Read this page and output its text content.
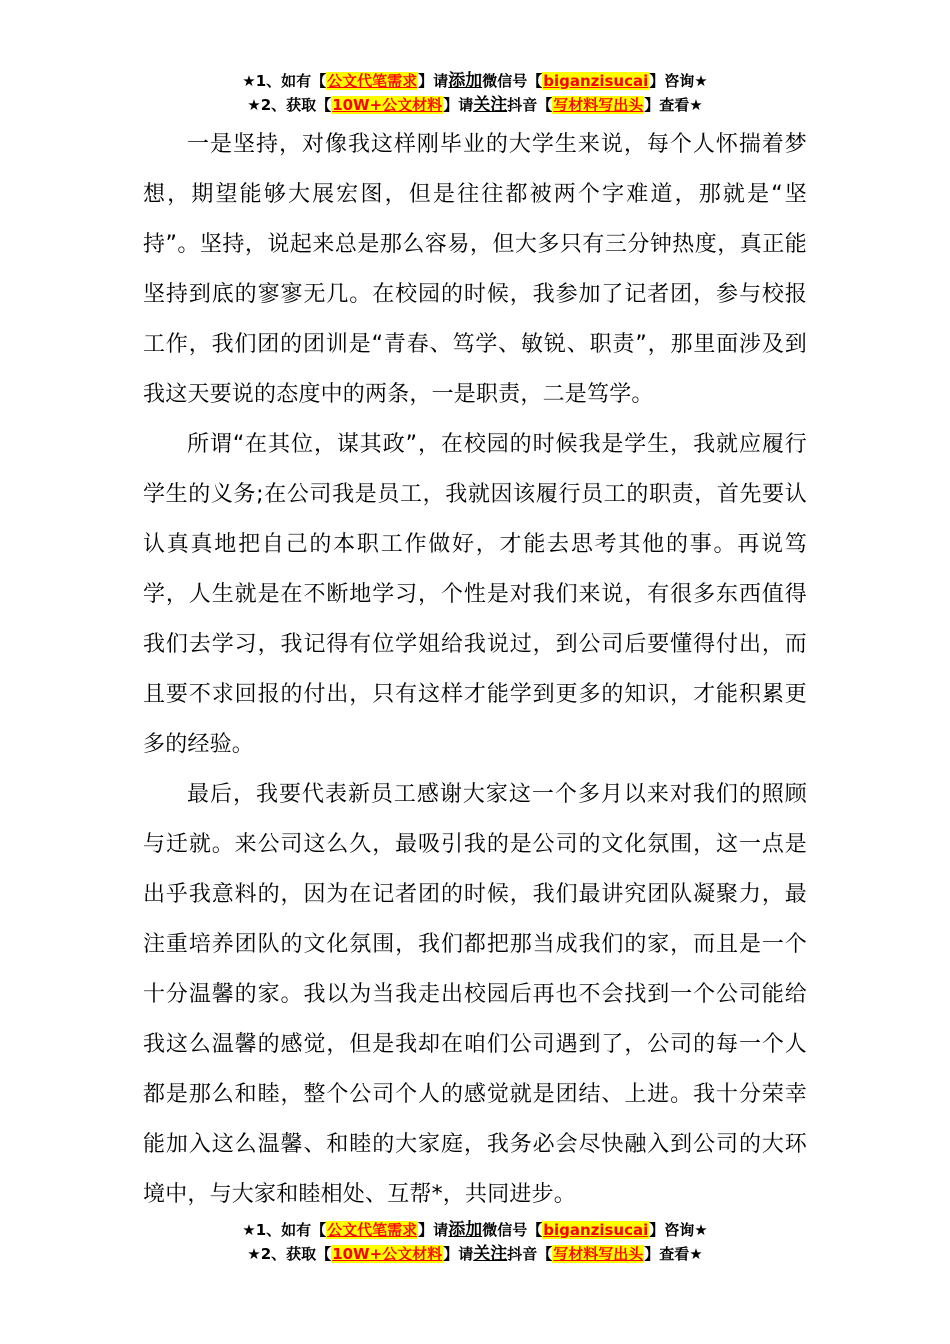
★1、如有【公文代笔需求】请添加微信号【biganzisucai】咨询★
★2、获取【10W+公文材料】请关注抖音【写材料写出头】查看★

一是坚持，对像我这样刚毕业的大学生来说，每个人怀揣着梦想，期望能够大展宏图，但是往往都被两个字难道，那就是“坚持”。坚持，说起来总是那么容易，但大多只有三分钟热度，真正能坚持到底的寥寥无几。在校园的时候，我参加了记者团，参与校报工作，我们团的团训是“青春、笃学、敏锐、职责”，那里面涉及到我这天要说的态度中的两条，一是职责，二是笃学。

所谓“在其位，谋其政”，在校园的时候我是学生，我就应履行学生的义务;在公司我是员工，我就因该履行员工的职责，首先要认认真真地把自己的本职工作做好，才能去思考其他的事。再说笃学，人生就是在不断地学习，个性是对我们来说，有很多东西值得我们去学习，我记得有位学姐给我说过，到公司后要懂得付出，而且要不求回报的付出，只有这样才能学到更多的知识，才能积累更多的经验。

最后，我要代表新员工感谢大家这一个多月以来对我们的照顾与迁就。来公司这么久，最吸引我的是公司的文化氛围，这一点是出乎我意料的，因为在记者团的时候，我们最讲究团队凝聚力，最注重培养团队的文化氛围，我们都把那当成我们的家，而且是一个十分温馨的家。我以为当我走出校园后再也不会找到一个公司能给我这么温馨的感觉，但是我却在咱们公司遇到了，公司的每一个人都是那么和睦，整个公司个人的感觉就是团结、上进。我十分荣幸能加入这么温馨、和睦的大家庭，我务必会尽快融入到公司的大环境中，与大家和睦相处、互帮*，共同进步。

★1、如有【公文代笔需求】请添加微信号【biganzisucai】咨询★
★2、获取【10W+公文材料】请关注抖音【写材料写出头】查看★
